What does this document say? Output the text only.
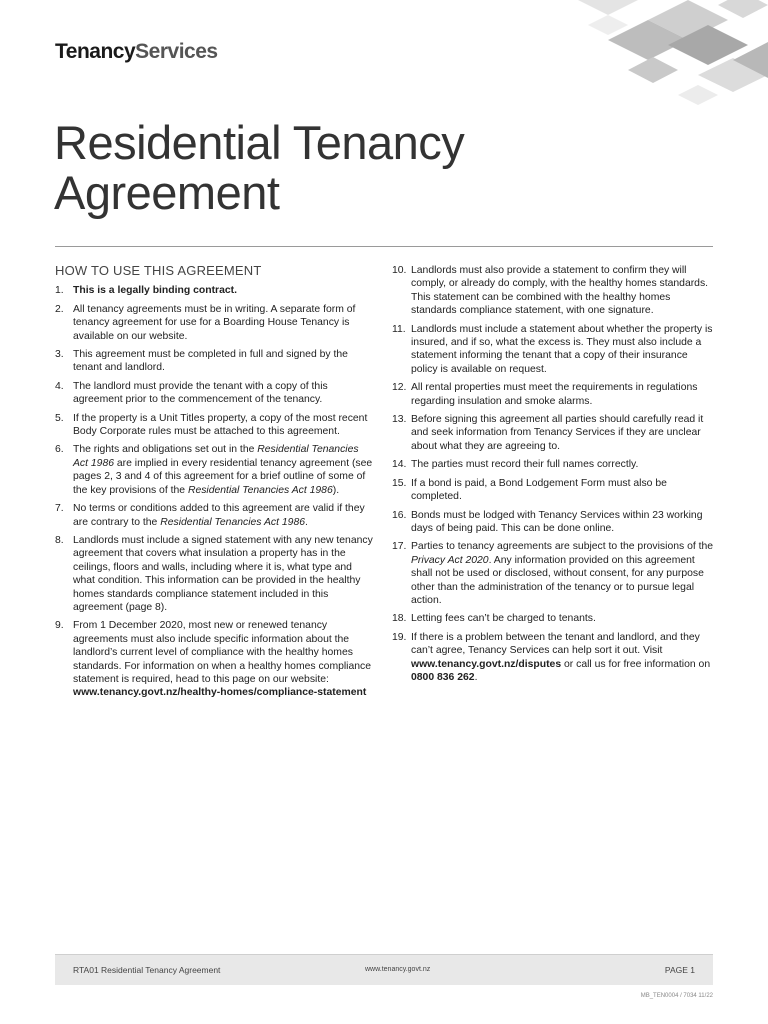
TenancyServices
Residential Tenancy
Agreement
HOW TO USE THIS AGREEMENT
1. This is a legally binding contract.
2. All tenancy agreements must be in writing. A separate form of tenancy agreement for use for a Boarding House Tenancy is available on our website.
3. This agreement must be completed in full and signed by the tenant and landlord.
4. The landlord must provide the tenant with a copy of this agreement prior to the commencement of the tenancy.
5. If the property is a Unit Titles property, a copy of the most recent Body Corporate rules must be attached to this agreement.
6. The rights and obligations set out in the Residential Tenancies Act 1986 are implied in every residential tenancy agreement (see pages 2, 3 and 4 of this agreement for a brief outline of some of the key provisions of the Residential Tenancies Act 1986).
7. No terms or conditions added to this agreement are valid if they are contrary to the Residential Tenancies Act 1986.
8. Landlords must include a signed statement with any new tenancy agreement that covers what insulation a property has in the ceilings, floors and walls, including where it is, what type and what condition. This information can be provided in the healthy homes standards compliance statement included in this agreement (page 8).
9. From 1 December 2020, most new or renewed tenancy agreements must also include specific information about the landlord’s current level of compliance with the healthy homes standards. For information on when a healthy homes compliance statement is required, head to this page on our website: www.tenancy.govt.nz/healthy-homes/compliance-statement
10. Landlords must also provide a statement to confirm they will comply, or already do comply, with the healthy homes standards. This statement can be combined with the healthy homes standards compliance statement, with one signature.
11. Landlords must include a statement about whether the property is insured, and if so, what the excess is. They must also include a statement informing the tenant that a copy of their insurance policy is available on request.
12. All rental properties must meet the requirements in regulations regarding insulation and smoke alarms.
13. Before signing this agreement all parties should carefully read it and seek information from Tenancy Services if they are unclear about what they are agreeing to.
14. The parties must record their full names correctly.
15. If a bond is paid, a Bond Lodgement Form must also be completed.
16. Bonds must be lodged with Tenancy Services within 23 working days of being paid. This can be done online.
17. Parties to tenancy agreements are subject to the provisions of the Privacy Act 2020. Any information provided on this agreement shall not be used or disclosed, without consent, for any purpose other than the administration of the tenancy or to pursue legal action.
18. Letting fees can’t be charged to tenants.
19. If there is a problem between the tenant and landlord, and they can’t agree, Tenancy Services can help sort it out. Visit www.tenancy.govt.nz/disputes or call us for free information on 0800 836 262.
RTA01 Residential Tenancy Agreement	www.tenancy.govt.nz	PAGE 1
MB_TEN0004 / 7034 11/22
